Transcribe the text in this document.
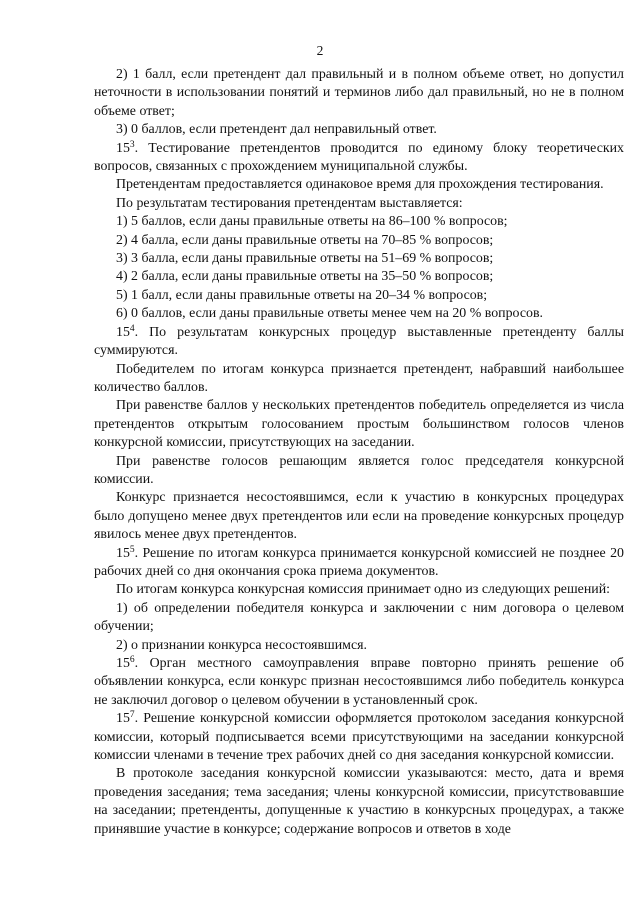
2

2) 1 балл, если претендент дал правильный и в полном объеме ответ, но допустил неточности в использовании понятий и терминов либо дал правильный, но не в полном объеме ответ;

3) 0 баллов, если претендент дал неправильный ответ.

$15^3$. Тестирование претендентов проводится по единому блоку теоретических вопросов, связанных с прохождением муниципальной службы.

Претендентам предоставляется одинаковое время для прохождения тестирования.

По результатам тестирования претендентам выставляется:

1) 5 баллов, если даны правильные ответы на 86–100 % вопросов;

2) 4 балла, если даны правильные ответы на 70–85 % вопросов;

3) 3 балла, если даны правильные ответы на 51–69 % вопросов;

4) 2 балла, если даны правильные ответы на 35–50 % вопросов;

5) 1 балл, если даны правильные ответы на 20–34 % вопросов;

6) 0 баллов, если даны правильные ответы менее чем на 20 % вопросов.

$15^4$. По результатам конкурсных процедур выставленные претенденту баллы суммируются.

Победителем по итогам конкурса признается претендент, набравший наибольшее количество баллов.

При равенстве баллов у нескольких претендентов победитель определяется из числа претендентов открытым голосованием простым большинством голосов членов конкурсной комиссии, присутствующих на заседании.

При равенстве голосов решающим является голос председателя конкурсной комиссии.

Конкурс признается несостоявшимся, если к участию в конкурсных процедурах было допущено менее двух претендентов или если на проведение конкурсных процедур явилось менее двух претендентов.

$15^5$. Решение по итогам конкурса принимается конкурсной комиссией не позднее 20 рабочих дней со дня окончания срока приема документов.

По итогам конкурса конкурсная комиссия принимает одно из следующих решений:

1) об определении победителя конкурса и заключении с ним договора о целевом обучении;

2) о признании конкурса несостоявшимся.

$15^6$. Орган местного самоуправления вправе повторно принять решение об объявлении конкурса, если конкурс признан несостоявшимся либо победитель конкурса не заключил договор о целевом обучении в установленный срок.

$15^7$. Решение конкурсной комиссии оформляется протоколом заседания конкурсной комиссии, который подписывается всеми присутствующими на заседании конкурсной комиссии членами в течение трех рабочих дней со дня заседания конкурсной комиссии.

В протоколе заседания конкурсной комиссии указываются: место, дата и время проведения заседания; тема заседания; члены конкурсной комиссии, присутствовавшие на заседании; претенденты, допущенные к участию в конкурсных процедурах, а также принявшие участие в конкурсе; содержание вопросов и ответов в ходе
